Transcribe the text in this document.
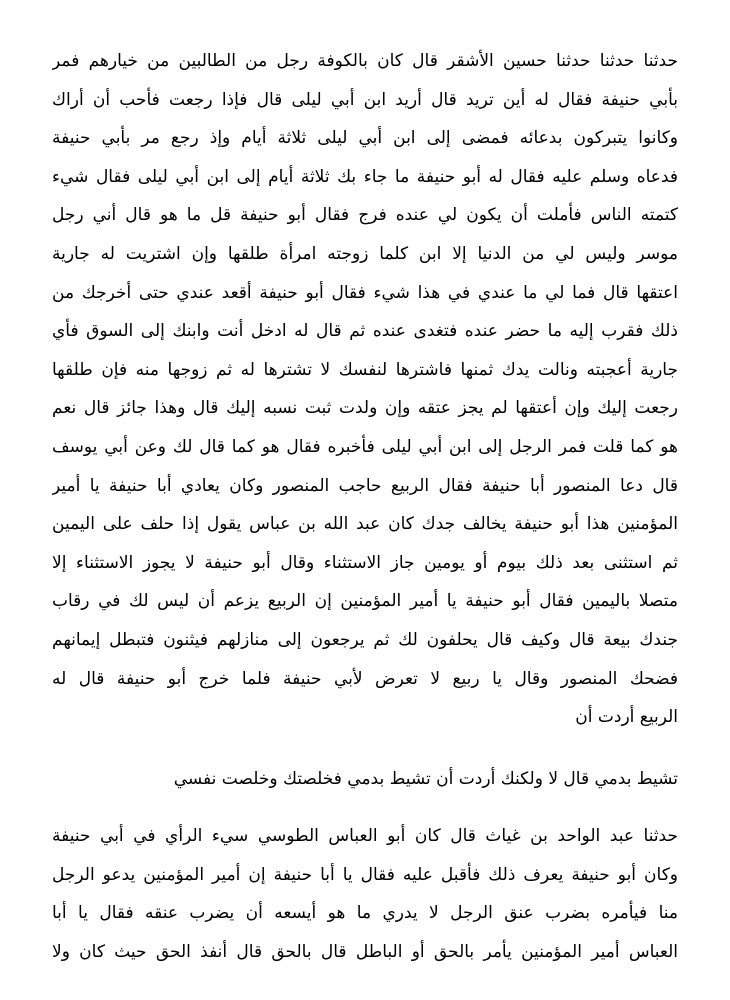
حدثنا حدثنا حدثنا حسين الأشقر قال كان بالكوفة رجل من الطالبين من خيارهم فمر
بأبي حنيفة فقال له أين تريد قال أريد ابن أبي ليلى قال فإذا رجعت فأحب أن أراك
وكانوا يتبركون بدعائه فمضى إلى ابن أبي ليلى ثلاثة أيام وإذ رجع مر بأبي حنيفة
فدعاه وسلم عليه فقال له أبو حنيفة ما جاء بك ثلاثة أيام إلى ابن أبي ليلى فقال شيء
كتمته الناس فأملت أن يكون لي عنده فرج فقال أبو حنيفة قل ما هو قال أني رجل
موسر وليس لي من الدنيا إلا ابن كلما زوجته امرأة طلقها وإن اشتريت له جارية
اعتقها قال فما لي ما عندي في هذا شيء فقال أبو حنيفة أقعد عندي حتى أخرجك من
ذلك فقرب إليه ما حضر عنده فتغدى عنده ثم قال له ادخل أنت وابنك إلى السوق فأي
جارية أعجبته ونالت يدك ثمنها فاشترها لنفسك لا تشترها له ثم زوجها منه فإن طلقها
رجعت إليك وإن أعتقها لم يجز عتقه وإن ولدت ثبت نسبه إليك قال وهذا جائز قال نعم
هو كما قلت فمر الرجل إلى ابن أبي ليلى فأخبره فقال هو كما قال لك وعن أبي يوسف
قال دعا المنصور أبا حنيفة فقال الربيع حاجب المنصور وكان يعادي أبا حنيفة يا أمير
المؤمنين هذا أبو حنيفة يخالف جدك كان عبد الله بن عباس يقول إذا حلف على اليمين
ثم استثنى بعد ذلك بيوم أو يومين جاز الاستثناء وقال أبو حنيفة لا يجوز الاستثناء إلا
متصلا باليمين فقال أبو حنيفة يا أمير المؤمنين إن الربيع يزعم أن ليس لك في رقاب
جندك بيعة قال وكيف قال يحلفون لك ثم يرجعون إلى منازلهم فيثنون فتبطل إيمانهم
فضحك المنصور وقال يا ربيع لا تعرض لأبي حنيفة فلما خرج أبو حنيفة قال له
الربيع أردت أن
تشيط بدمي قال لا ولكنك أردت أن تشيط بدمي فخلصتك وخلصت نفسي
حدثنا عبد الواحد بن غياث قال كان أبو العباس الطوسي سيء الرأي في أبي حنيفة
وكان أبو حنيفة يعرف ذلك فأقبل عليه فقال يا أبا حنيفة إن أمير المؤمنين يدعو الرجل
منا فيأمره بضرب عنق الرجل لا يدري ما هو أيسعه أن يضرب عنقه فقال يا أبا
العباس أمير المؤمنين يأمر بالحق أو الباطل قال بالحق قال أنفذ الحق حيث كان ولا
